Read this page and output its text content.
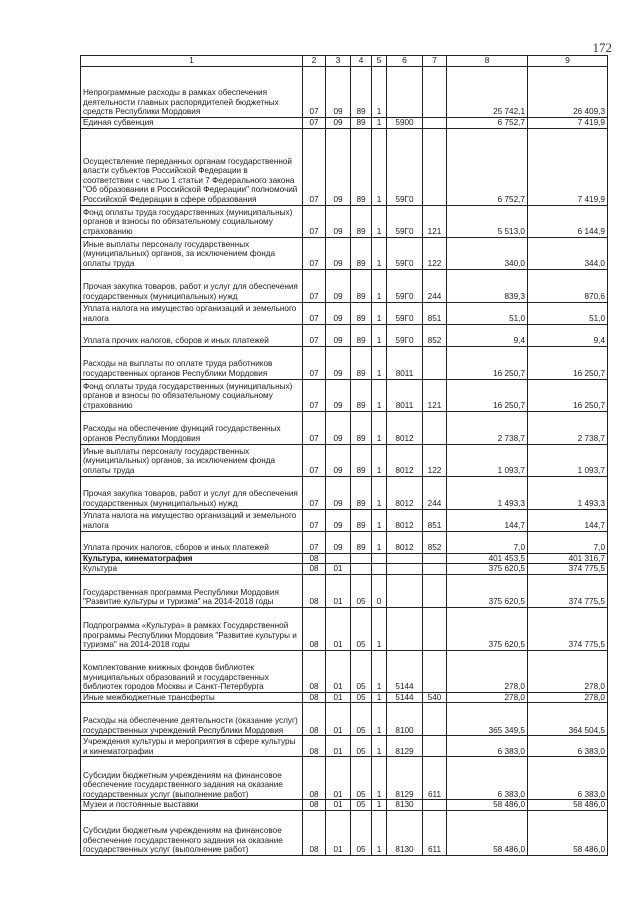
172
1	2	3	4	5	6	7	8	9
Непрограммные расходы в рамках обеспечения деятельности главных распорядителей бюджетных средств Республики Мордовия	07	09	89	1			25 742,1	26 409,3
Единая субвенция	07	09	89	1	5900		6 752,7	7 419,9
Осуществление переданных органам государственной власти субъектов Российской Федерации в соответствии с частью 1 статьи 7 Федерального закона "Об образовании в Российской Федерации" полномочий Российской Федерации в сфере образования	07	09	89	1	59Г0		6 752,7	7 419,9
Фонд оплаты труда государственных (муниципальных) органов и взносы по обязательному социальному страхованию	07	09	89	1	59Г0	121	5 513,0	6 144,9
Иные выплаты персоналу государственных (муниципальных) органов, за исключением фонда оплаты труда	07	09	89	1	59Г0	122	340,0	344,0
Прочая закупка товаров, работ и услуг для обеспечения государственных (муниципальных) нужд	07	09	89	1	59Г0	244	839,3	870,6
Уплата налога на имущество организаций и земельного налога	07	09	89	1	59Г0	851	51,0	51,0
Уплата прочих налогов, сборов и иных платежей	07	09	89	1	59Г0	852	9,4	9,4
Расходы на выплаты по оплате труда работников государственных органов Республики Мордовия	07	09	89	1	8011		16 250,7	16 250,7
Фонд оплаты труда государственных (муниципальных) органов и взносы по обязательному социальному страхованию	07	09	89	1	8011	121	16 250,7	16 250,7
Расходы на обеспечение функций государственных органов Республики Мордовия	07	09	89	1	8012		2 738,7	2 738,7
Иные выплаты персоналу государственных (муниципальных) органов, за исключением фонда оплаты труда	07	09	89	1	8012	122	1 093,7	1 093,7
Прочая закупка товаров, работ и услуг для обеспечения государственных (муниципальных) нужд	07	09	89	1	8012	244	1 493,3	1 493,3
Уплата налога на имущество организаций и земельного налога	07	09	89	1	8012	851	144,7	144,7
Уплата прочих налогов, сборов и иных платежей	07	09	89	1	8012	852	7,0	7,0
Культура, кинематография	08						401 453,5	401 316,7
Культура	08	01					375 620,5	374 775,5
Государственная программа Республики Мордовия "Развитие культуры и туризма" на 2014-2018 годы	08	01	05	0			375 620,5	374 775,5
Подпрограмма «Культура» в рамках Государственной программы Республики Мордовия "Развитие культуры и туризма" на 2014-2018 годы	08	01	05	1			375 620,5	374 775,5
Комплектование книжных фондов библиотек муниципальных образований и государственных библиотек городов Москвы и Санкт-Петербурга	08	01	05	1	5144		278,0	278,0
Иные межбюджетные трансферты	08	01	05	1	5144	540	278,0	278,0
Расходы на обеспечение деятельности (оказание услуг) государственных учреждений Республики Мордовия	08	01	05	1	8100		365 349,5	364 504,5
Учреждения культуры и мероприятия в сфере культуры и кинематографии	08	01	05	1	8129		6 383,0	6 383,0
Субсидии бюджетным учреждениям на финансовое обеспечение государственного задания на оказание государственных услуг (выполнение работ)	08	01	05	1	8129	611	6 383,0	6 383,0
Музеи и постоянные выставки	08	01	05	1	8130		58 486,0	58 486,0
Субсидии бюджетным учреждениям на финансовое обеспечение государственного задания на оказание государственных услуг (выполнение работ)	08	01	05	1	8130	611	58 486,0	58 486,0
